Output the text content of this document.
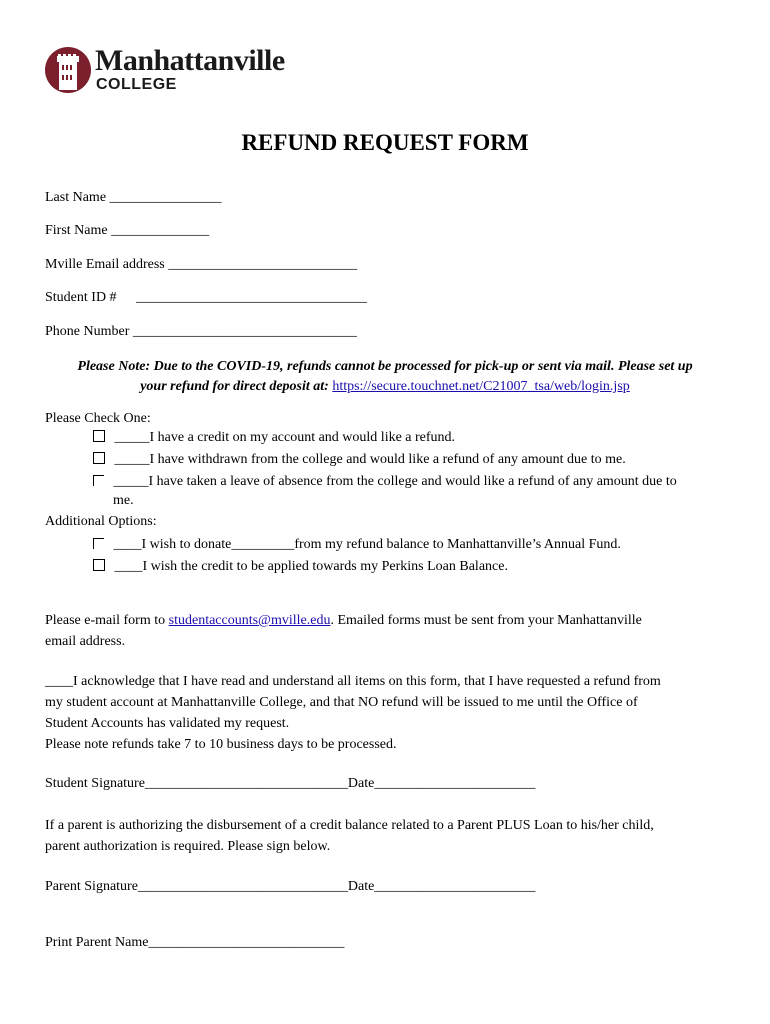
Manhattanville
COLLEGE
REFUND REQUEST FORM
Last Name ________________
First Name ______________
Mville Email address ___________________________
Student ID # _________________________________
Phone Number ________________________________
Please Note: Due to the COVID-19, refunds cannot be processed for pick-up or sent via mail. Please set up
your refund for direct deposit at: https://secure.touchnet.net/C21007_tsa/web/login.jsp
Please Check One:
_____I have a credit on my account and would like a refund.
_____I have withdrawn from the college and would like a refund of any amount due to me.
_____I have taken a leave of absence from the college and would like a refund of any amount due to
me.
Additional Options:
____I wish to donate_________from my refund balance to Manhattanville’s Annual Fund.
____I wish the credit to be applied towards my Perkins Loan Balance.
Please e-mail form to studentaccounts@mville.edu. Emailed forms must be sent from your Manhattanville
email address.
____I acknowledge that I have read and understand all items on this form, that I have requested a refund from
my student account at Manhattanville College, and that NO refund will be issued to me until the Office of
Student Accounts has validated my request.
Please note refunds take 7 to 10 business days to be processed.
Student Signature_____________________________Date_______________________
If a parent is authorizing the disbursement of a credit balance related to a Parent PLUS Loan to his/her child,
parent authorization is required. Please sign below.
Parent Signature______________________________Date_______________________
Print Parent Name____________________________
